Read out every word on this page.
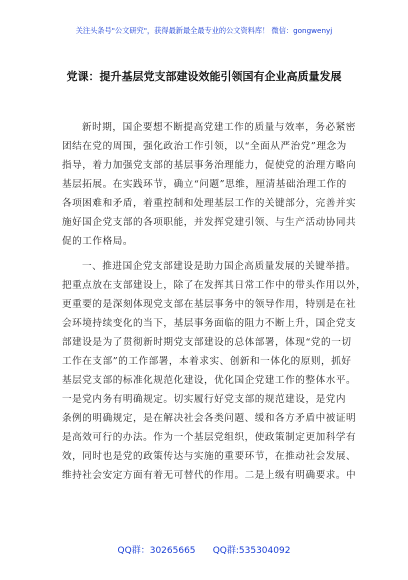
关注头条号"公文研究"，获得最新最全最专业的公文资料库！ 微信：gongwenyj
党课：提升基层党支部建设效能引领国有企业高质量发展
新时期，国企要想不断提高党建工作的质量与效率，务必紧密
团结在党的周围，强化政治工作引领，以“全面从严治党”理念为
指导，着力加强党支部的基层事务治理能力，促使党的治理方略向
基层拓展。在实践环节，确立“问题”思维，厘清基础治理工作的
各项困难和矛盾，着重控制和处理基层工作的关键部分，完善并实
施好国企党支部的各项职能，并发挥党建引领、与生产活动协同共
促的工作格局。
一、推进国企党支部建设是助力国企高质量发展的关键举措。
把重点放在支部建设上，除了在发挥其日常工作中的带头作用以外，
更重要的是深刻体现党支部在基层事务中的领导作用，特别是在社
会环境持续变化的当下，基层事务面临的阻力不断上升，国企党支
部建设是为了贯彻新时期党支部建设的总体部署，体现“党的一切
工作在支部”的工作部署，本着求实、创新和一体化的原则，抓好
基层党支部的标准化规范化建设，优化国企党建工作的整体水平。
一是党内务有明确规定。切实履行好党支部的规范建设，是党内
条例的明确规定，是在解决社会各类问题、缓和各方矛盾中被证明
是高效可行的办法。作为一个基层党组织，使政策制定更加科学有
效，同时也是党的政策传达与实施的重要环节，在推动社会发展、
维持社会安定方面有着无可替代的作用。二是上级有明确要求。中
QQ群：30265665      QQ群:535304092
